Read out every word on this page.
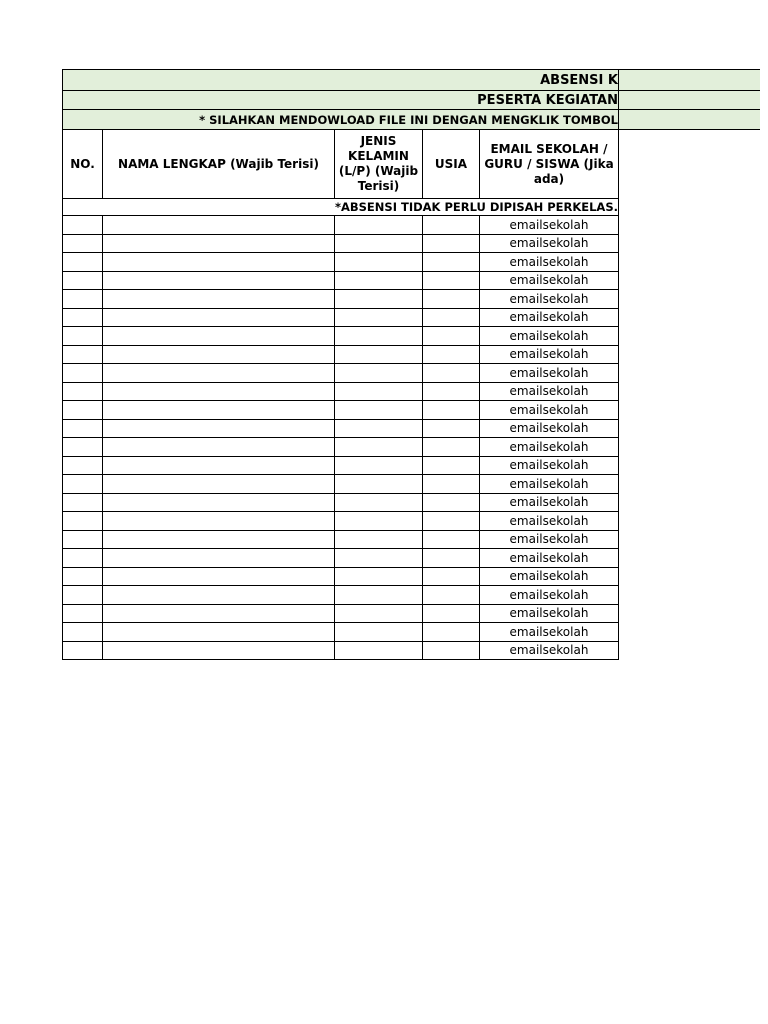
ABSENSI K
PESERTA KEGIATAN
* SILAHKAN MENDOWLOAD FILE INI DENGAN MENGKLIK TOMBOL
NO.	NAMA LENGKAP (Wajib Terisi)	JENIS KELAMIN (L/P) (Wajib Terisi)	USIA	EMAIL SEKOLAH / GURU / SISWA (Jika ada)

*ABSENSI TIDAK PERLU DIPISAH PERKELAS.				
				emailsekolah
				emailsekolah
				emailsekolah
				emailsekolah
				emailsekolah
				emailsekolah
				emailsekolah
				emailsekolah
				emailsekolah
				emailsekolah
				emailsekolah
				emailsekolah
				emailsekolah
				emailsekolah
				emailsekolah
				emailsekolah
				emailsekolah
				emailsekolah
				emailsekolah
				emailsekolah
				emailsekolah
				emailsekolah
				emailsekolah
				emailsekolah
